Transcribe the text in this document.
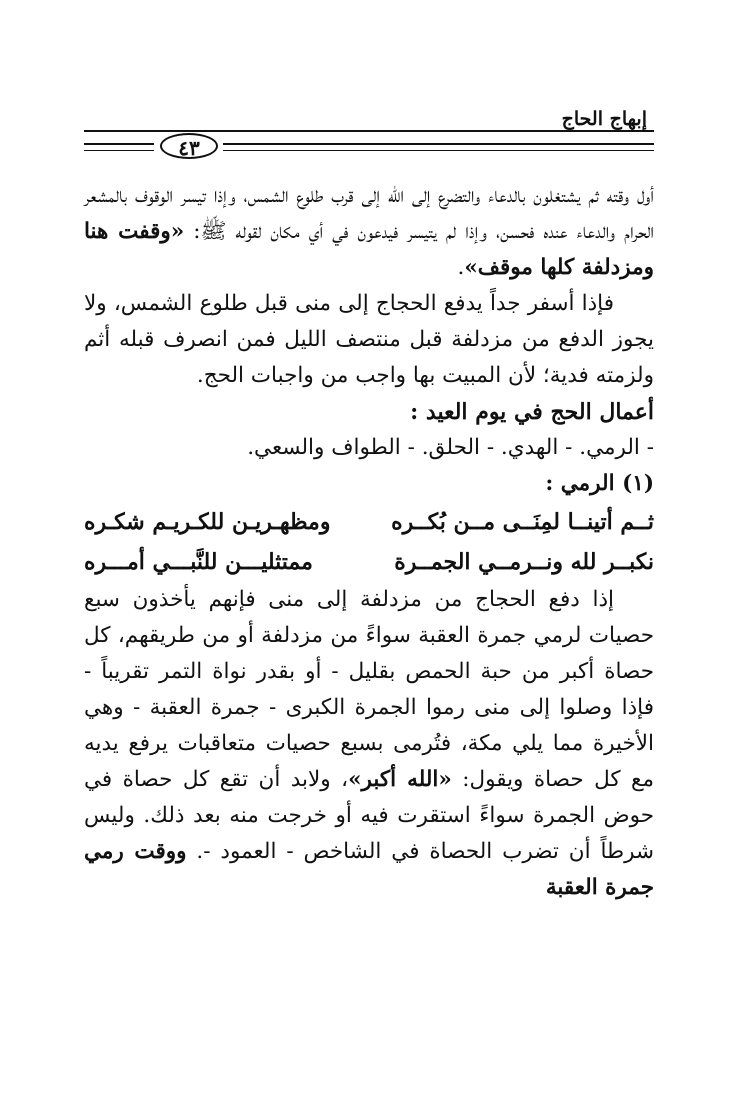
إبهاج الحاج
٤٣

أول وقته ثم يشتغلون بالدعاء والتضرع إلى الله إلى قرب طلوع الشمس، وإذا تيسر الوقوف بالمشعر الحرام والدعاء عنده فحسن، وإذا لم يتيسر فيدعون في أي مكان لقوله ﷺ: «وقفت هنا ومزدلفة كلها موقف».

فإذا أسفر جداً يدفع الحجاج إلى منى قبل طلوع الشمس، ولا يجوز الدفع من مزدلفة قبل منتصف الليل فمن انصرف قبله أثم ولزمته فدية؛ لأن المبيت بها واجب من واجبات الحج.

أعمال الحج في يوم العيد :

- الرمي. - الهدي. - الحلق. - الطواف والسعي.

(١) الرمي :

ثــم أتينــا لمِنَــى مــن بُكــره
ومظهـريـن للكـريـم شكـره
نكبــر لله ونــرمــي الجمــرة
ممتثليـــن للنَّبـــي أمـــره

إذا دفع الحجاج من مزدلفة إلى منى فإنهم يأخذون سبع حصيات لرمي جمرة العقبة سواءً من مزدلفة أو من طريقهم، كل حصاة أكبر من حبة الحمص بقليل - أو بقدر نواة التمر تقريباً - فإذا وصلوا إلى منى رموا الجمرة الكبرى - جمرة العقبة - وهي الأخيرة مما يلي مكة، فتُرمى بسبع حصيات متعاقبات يرفع يديه مع كل حصاة ويقول: «الله أكبر»، ولابد أن تقع كل حصاة في حوض الجمرة سواءً استقرت فيه أو خرجت منه بعد ذلك. وليس شرطاً أن تضرب الحصاة في الشاخص - العمود -. ووقت رمي جمرة العقبة
